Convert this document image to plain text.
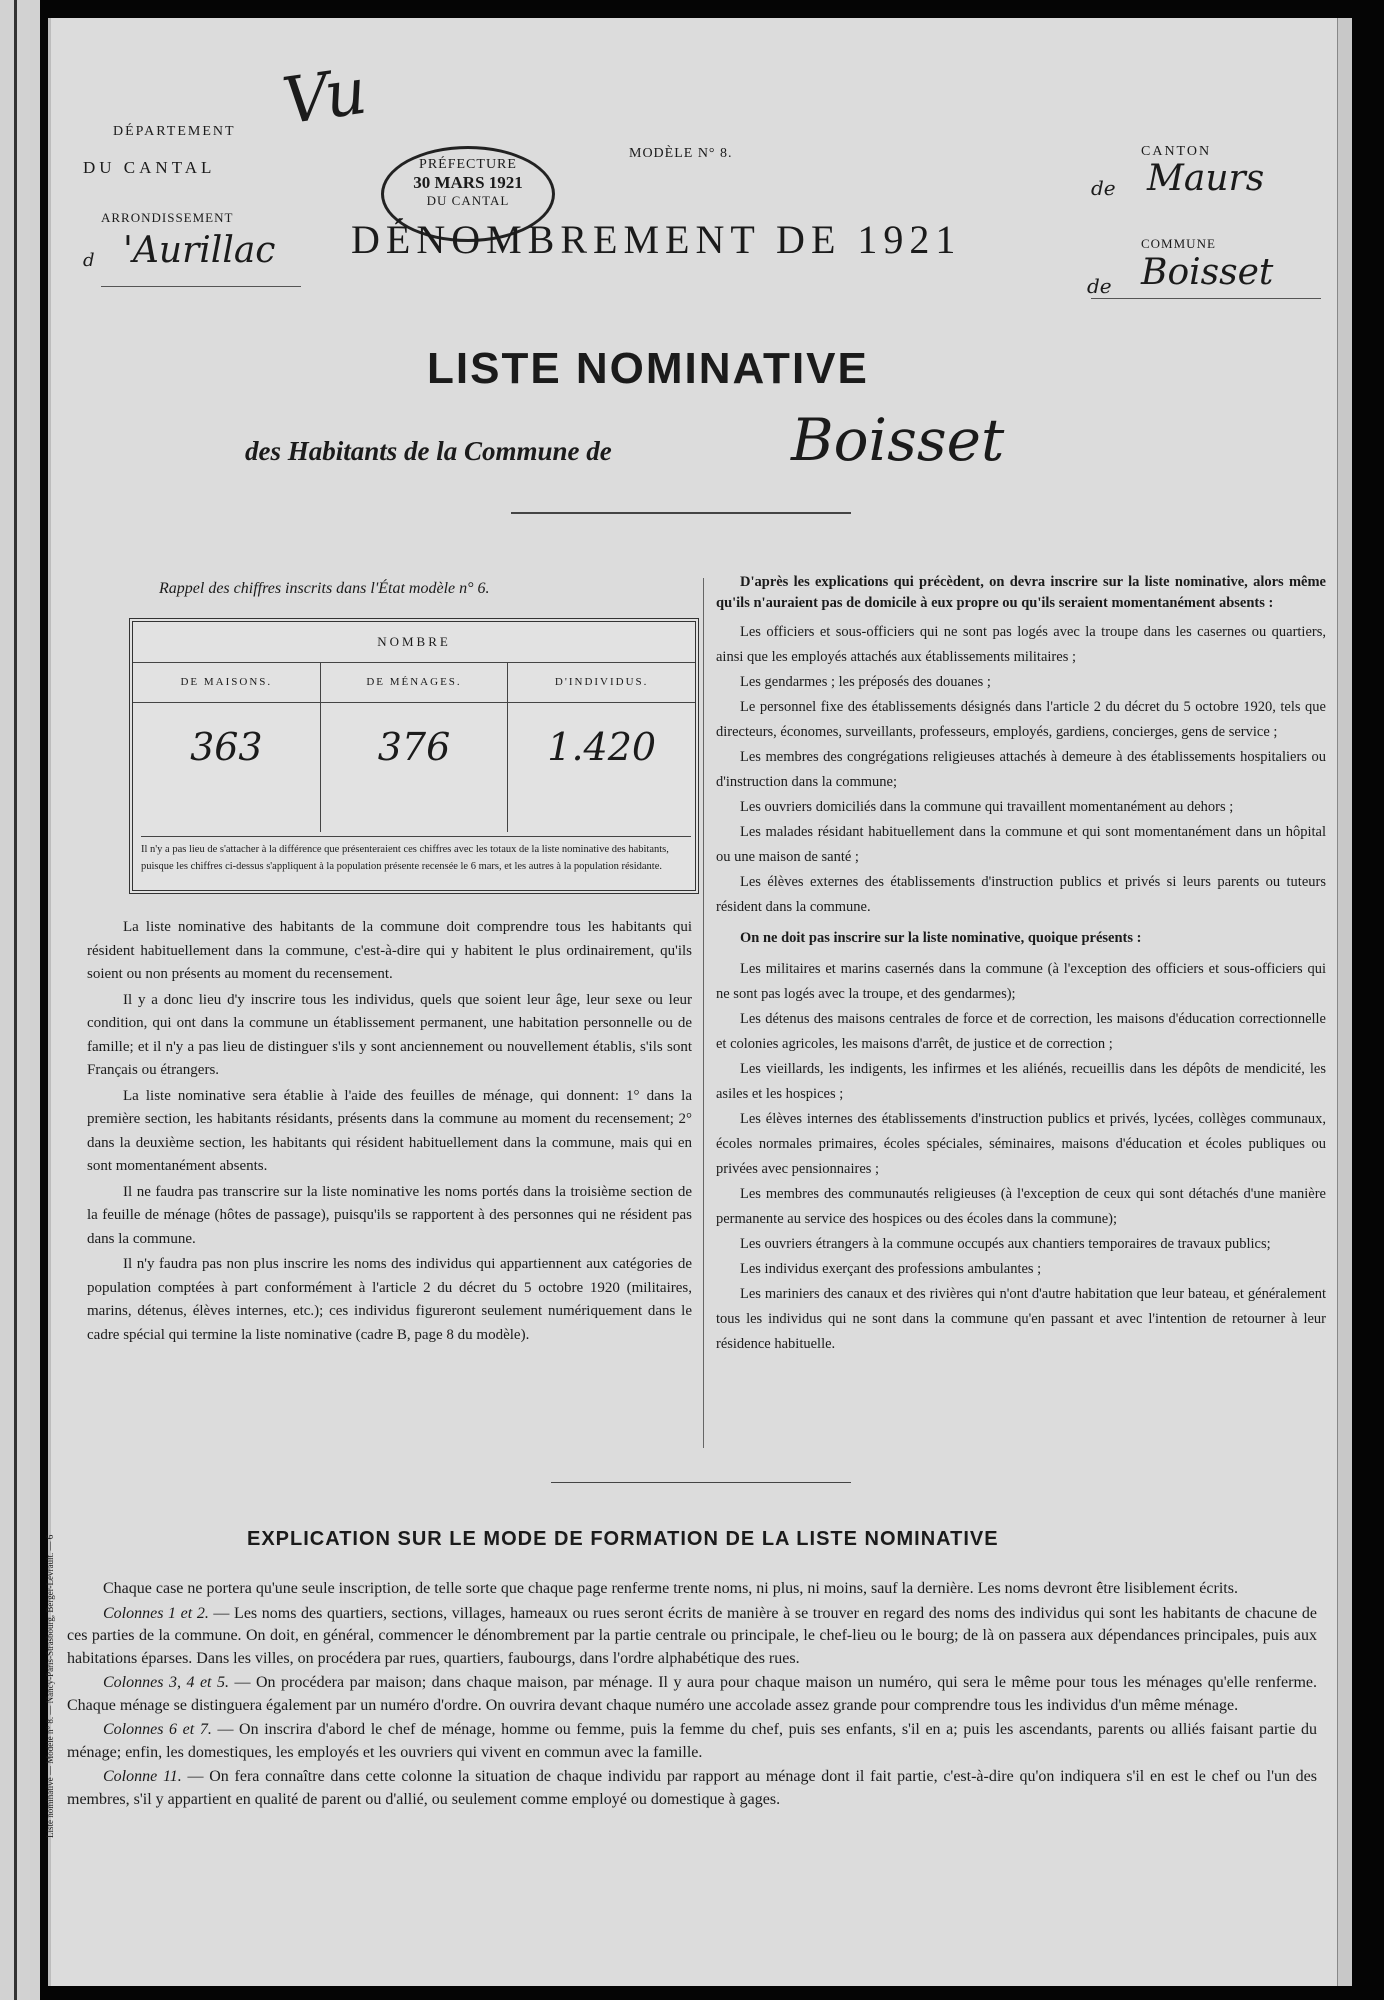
DÉPARTEMENT
DU CANTAL
ARRONDISSEMENT
d 'Aurillac
Vu
PRÉFECTURE
30 MARS 1921
DU CANTAL
MODÈLE N° 8.
DÉNOMBREMENT DE 1921
CANTON
de Maurs
COMMUNE
de Boisset
LISTE NOMINATIVE
des Habitants de la Commune de	Boisset
Rappel des chiffres inscrits dans l'État modèle n° 6.
NOMBRE
DE MAISONS.
363
DE MÉNAGES.
376
D'INDIVIDUS.
1.420
Il n'y a pas lieu de s'attacher à la différence que présenteraient ces chiffres avec les totaux de la liste nominative des habitants, puisque les chiffres ci-dessus s'appliquent à la population présente recensée le 6 mars, et les autres à la population résidante.

La liste nominative des habitants de la commune doit comprendre tous les habitants qui résident habituellement dans la commune, c'est-à-dire qui y habitent le plus ordinairement, qu'ils soient ou non présents au moment du recensement.

Il y a donc lieu d'y inscrire tous les individus, quels que soient leur âge, leur sexe ou leur condition, qui ont dans la commune un établissement permanent, une habitation personnelle ou de famille; et il n'y a pas lieu de distinguer s'ils y sont anciennement ou nouvellement établis, s'ils sont Français ou étrangers.

La liste nominative sera établie à l'aide des feuilles de ménage, qui donnent: 1° dans la première section, les habitants résidants, présents dans la commune au moment du recensement; 2° dans la deuxième section, les habitants qui résident habituellement dans la commune, mais qui en sont momentanément absents.

Il ne faudra pas transcrire sur la liste nominative les noms portés dans la troisième section de la feuille de ménage (hôtes de passage), puisqu'ils se rapportent à des personnes qui ne résident pas dans la commune.

Il n'y faudra pas non plus inscrire les noms des individus qui appartiennent aux catégories de population comptées à part conformément à l'article 2 du décret du 5 octobre 1920 (militaires, marins, détenus, élèves internes, etc.); ces individus figureront seulement numériquement dans le cadre spécial qui termine la liste nominative (cadre B, page 8 du modèle).

D'après les explications qui précèdent, on devra inscrire sur la liste nominative, alors même qu'ils n'auraient pas de domicile à eux propre ou qu'ils seraient momentanément absents :

Les officiers et sous-officiers qui ne sont pas logés avec la troupe dans les casernes ou quartiers, ainsi que les employés attachés aux établissements militaires ;

Les gendarmes ; les préposés des douanes ;

Le personnel fixe des établissements désignés dans l'article 2 du décret du 5 octobre 1920, tels que directeurs, économes, surveillants, professeurs, employés, gardiens, concierges, gens de service ;

Les membres des congrégations religieuses attachés à demeure à des établissements hospitaliers ou d'instruction dans la commune;

Les ouvriers domiciliés dans la commune qui travaillent momentanément au dehors ;

Les malades résidant habituellement dans la commune et qui sont momentanément dans un hôpital ou une maison de santé ;

Les élèves externes des établissements d'instruction publics et privés si leurs parents ou tuteurs résident dans la commune.

On ne doit pas inscrire sur la liste nominative, quoique présents :

Les militaires et marins casernés dans la commune (à l'exception des officiers et sous-officiers qui ne sont pas logés avec la troupe, et des gendarmes);

Les détenus des maisons centrales de force et de correction, les maisons d'éducation correctionnelle et colonies agricoles, les maisons d'arrêt, de justice et de correction ;

Les vieillards, les indigents, les infirmes et les aliénés, recueillis dans les dépôts de mendicité, les asiles et les hospices ;

Les élèves internes des établissements d'instruction publics et privés, lycées, collèges communaux, écoles normales primaires, écoles spéciales, séminaires, maisons d'éducation et écoles publiques ou privées avec pensionnaires ;

Les membres des communautés religieuses (à l'exception de ceux qui sont détachés d'une manière permanente au service des hospices ou des écoles dans la commune);

Les ouvriers étrangers à la commune occupés aux chantiers temporaires de travaux publics;

Les individus exerçant des professions ambulantes ;

Les mariniers des canaux et des rivières qui n'ont d'autre habitation que leur bateau, et généralement tous les individus qui ne sont dans la commune qu'en passant et avec l'intention de retourner à leur résidence habituelle.

EXPLICATION SUR LE MODE DE FORMATION DE LA LISTE NOMINATIVE

Chaque case ne portera qu'une seule inscription, de telle sorte que chaque page renferme trente noms, ni plus, ni moins, sauf la dernière. Les noms devront être lisiblement écrits.

Colonnes 1 et 2. — Les noms des quartiers, sections, villages, hameaux ou rues seront écrits de manière à se trouver en regard des noms des individus qui sont les habitants de chacune de ces parties de la commune. On doit, en général, commencer le dénombrement par la partie centrale ou principale, le chef-lieu ou le bourg; de là on passera aux dépendances principales, puis aux habitations éparses. Dans les villes, on procédera par rues, quartiers, faubourgs, dans l'ordre alphabétique des rues.

Colonnes 3, 4 et 5. — On procédera par maison; dans chaque maison, par ménage. Il y aura pour chaque maison un numéro, qui sera le même pour tous les ménages qu'elle renferme. Chaque ménage se distinguera également par un numéro d'ordre. On ouvrira devant chaque numéro une accolade assez grande pour comprendre tous les individus d'un même ménage.

Colonnes 6 et 7. — On inscrira d'abord le chef de ménage, homme ou femme, puis la femme du chef, puis ses enfants, s'il en a; puis les ascendants, parents ou alliés faisant partie du ménage; enfin, les domestiques, les employés et les ouvriers qui vivent en commun avec la famille.

Colonne 11. — On fera connaître dans cette colonne la situation de chaque individu par rapport au ménage dont il fait partie, c'est-à-dire qu'on indiquera s'il en est le chef ou l'un des membres, s'il y appartient en qualité de parent ou d'allié, ou seulement comme employé ou domestique à gages.

Liste nominative — Modèle n° 8. — Nancy-Paris-Strasbourg, Berger-Levrault. — 6
